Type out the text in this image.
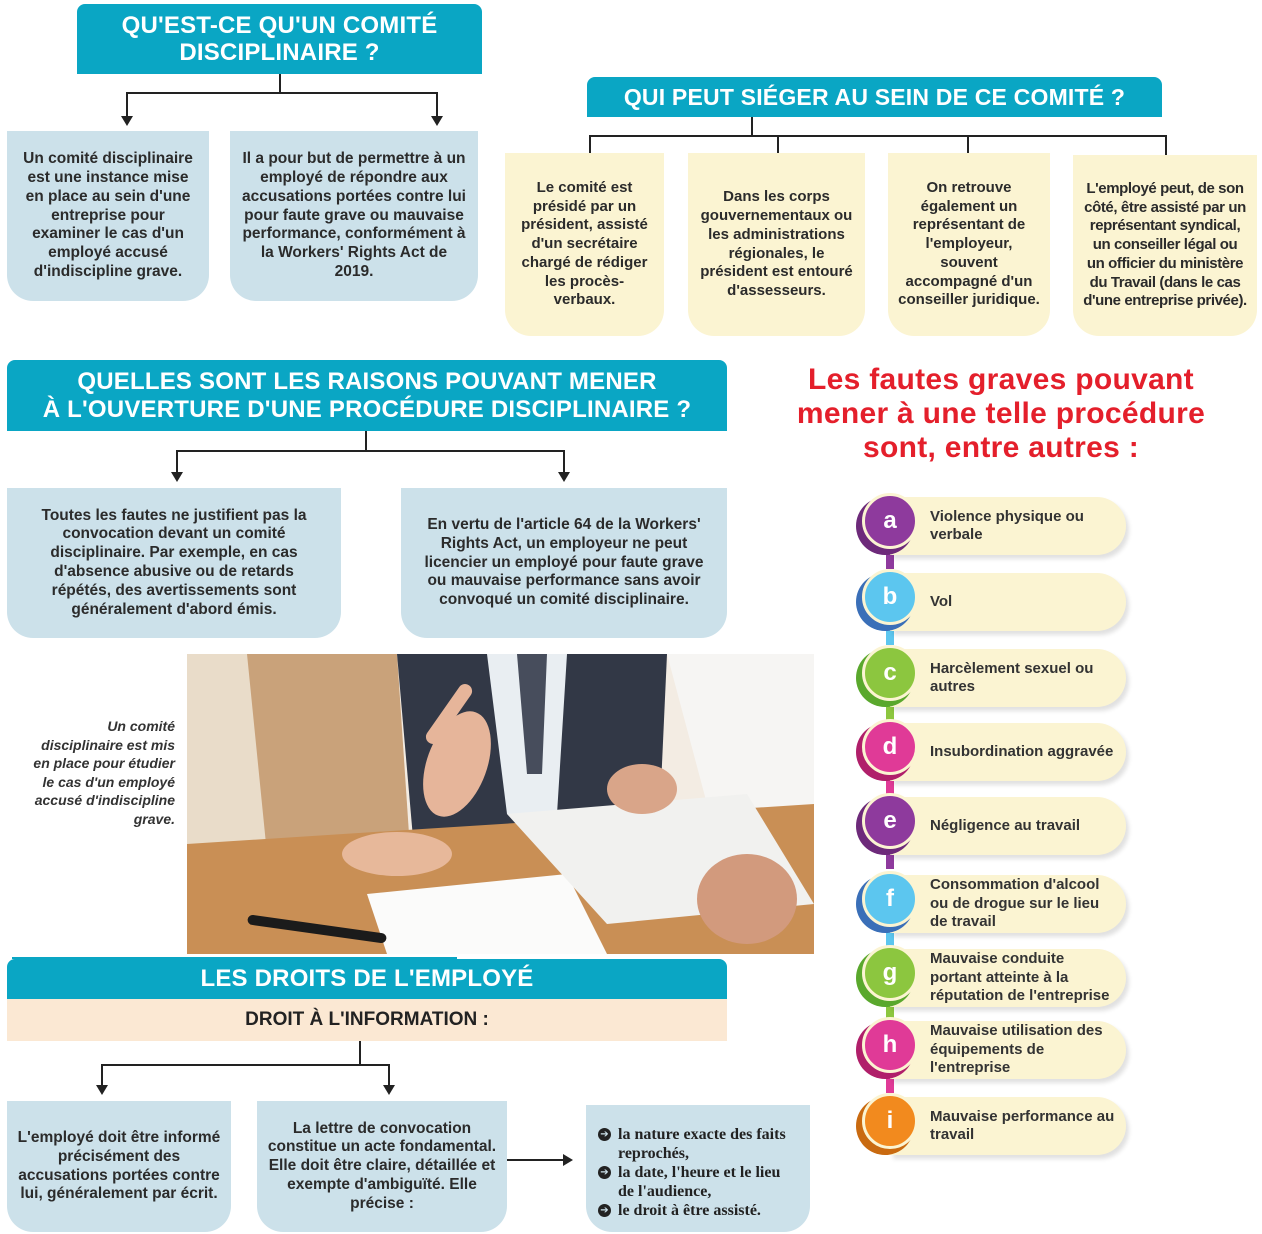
QU'EST-CE QU'UN COMITÉ
DISCIPLINAIRE ?
Un comité disciplinaire est une instance mise en place au sein d'une entreprise pour examiner le cas d'un employé accusé d'indiscipline grave.
Il a pour but de permettre à un employé de répondre aux accusations portées contre lui pour faute grave ou mauvaise performance, conformément à la Workers' Rights Act de 2019.
QUI PEUT SIÉGER AU SEIN DE CE COMITÉ ?
Le comité est présidé par un président, assisté d'un secrétaire chargé de rédiger les procès-verbaux.
Dans les corps gouvernementaux ou les administrations régionales, le président est entouré d'assesseurs.
On retrouve également un représentant de l'employeur, souvent accompagné d'un conseiller juridique.
L'employé peut, de son côté, être assisté par un représentant syndical, un conseiller légal ou un officier du ministère du Travail (dans le cas d'une entreprise privée).
QUELLES SONT LES RAISONS POUVANT MENER
À L'OUVERTURE D'UNE PROCÉDURE DISCIPLINAIRE ?
Toutes les fautes ne justifient pas la convocation devant un comité disciplinaire. Par exemple, en cas d'absence abusive ou de retards répétés, des avertissements sont généralement d'abord émis.
En vertu de l'article 64 de la Workers' Rights Act, un employeur ne peut licencier un employé pour faute grave ou mauvaise performance sans avoir convoqué un comité disciplinaire.
Un comité disciplinaire est mis en place pour étudier le cas d'un employé accusé d'indiscipline grave.
LES DROITS DE L'EMPLOYÉ
DROIT À L'INFORMATION :
L'employé doit être informé précisément des accusations portées contre lui, généralement par écrit.
La lettre de convocation constitue un acte fondamental. Elle doit être claire, détaillée et exempte d'ambiguïté. Elle précise :
➔ la nature exacte des faits reprochés,
➔ la date, l'heure et le lieu de l'audience,
➔ le droit à être assisté.
Les fautes graves pouvant
mener à une telle procédure
sont, entre autres :
Violence physique ou verbale
a
Vol
b
Harcèlement sexuel ou autres
c
Insubordination aggravée
d
Négligence au travail
e
Consommation d'alcool ou de drogue sur le lieu de travail
f
Mauvaise conduite portant atteinte à la réputation de l'entreprise
g
Mauvaise utilisation des équipements de l'entreprise
h
Mauvaise performance au travail
i
